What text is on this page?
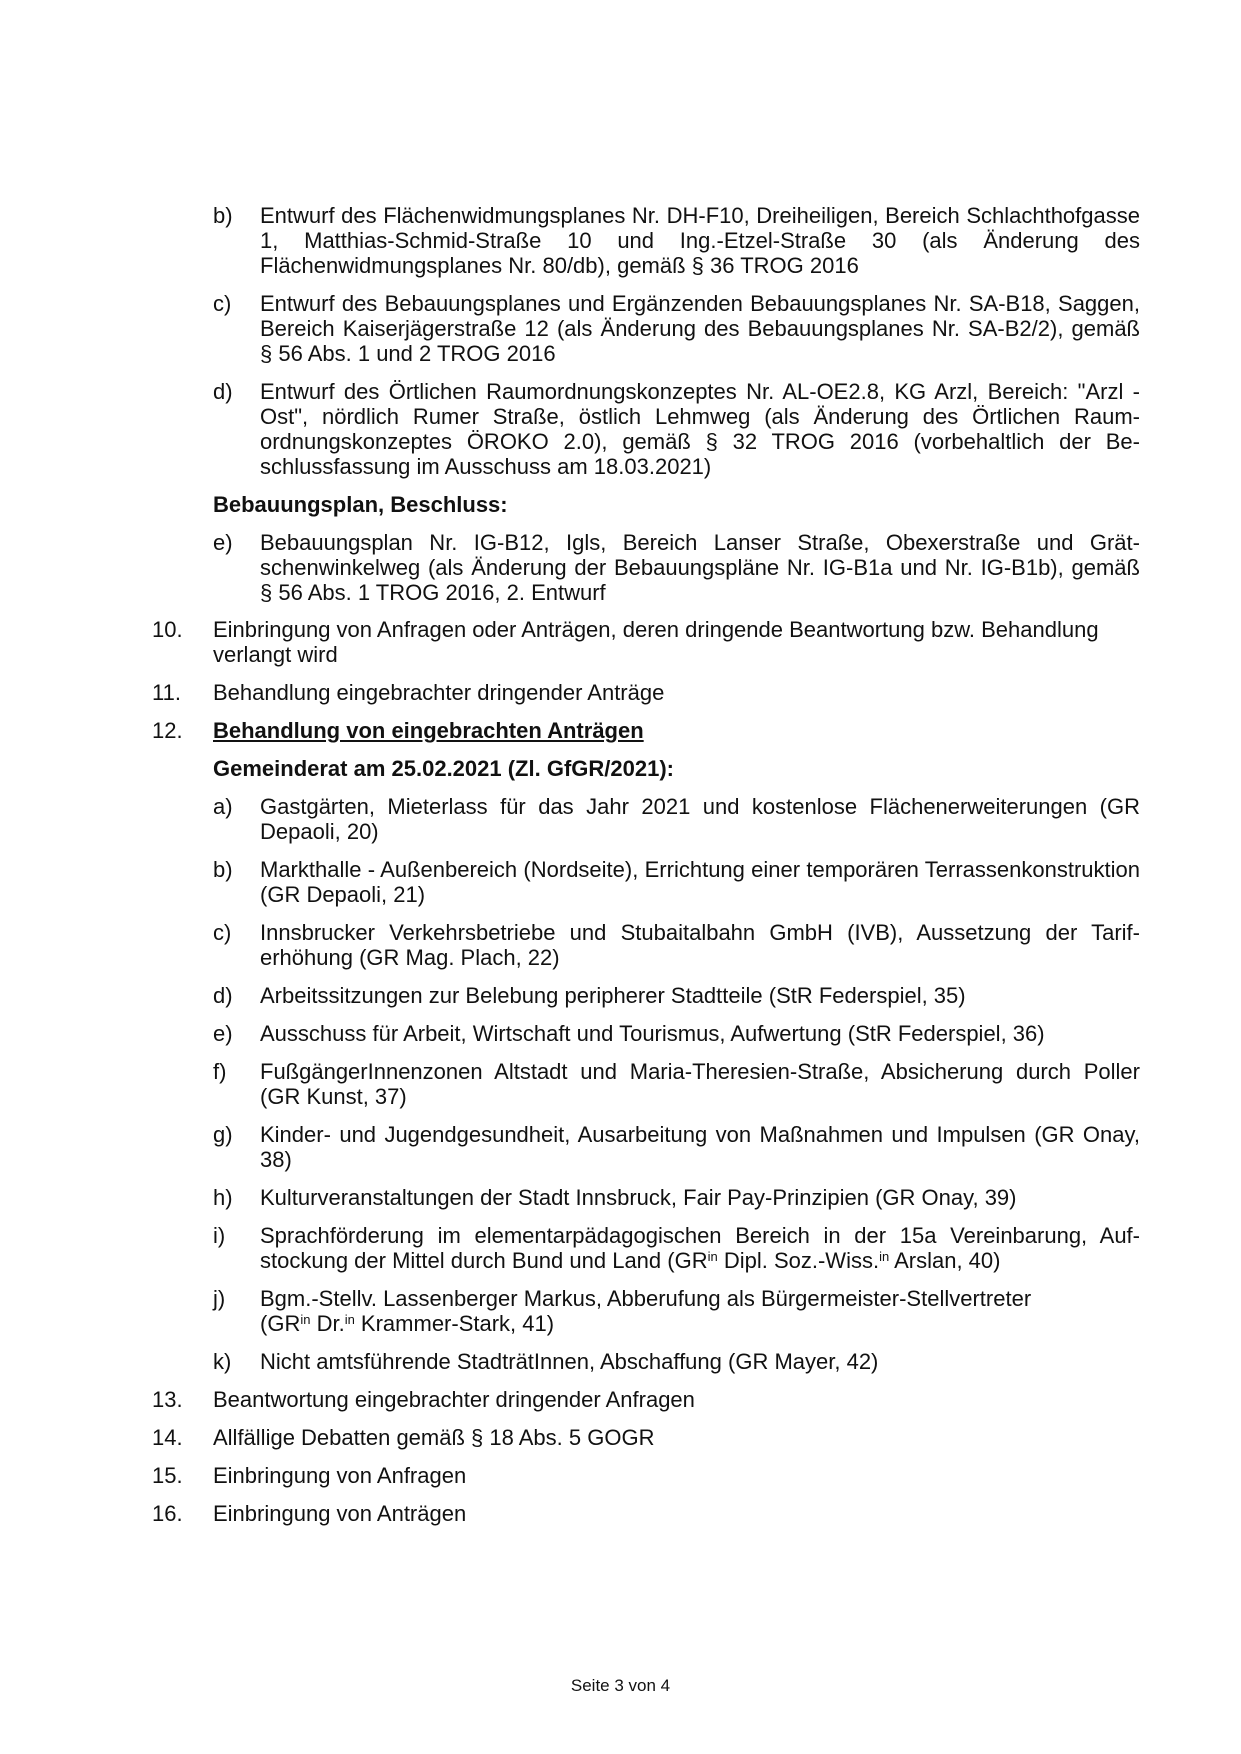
b) Entwurf des Flächenwidmungsplanes Nr. DH-F10, Dreiheiligen, Bereich Schlachthofgasse 1, Matthias-Schmid-Straße 10 und Ing.-Etzel-Straße 30 (als Änderung des Flächenwidmungsplanes Nr. 80/db), gemäß § 36 TROG 2016
c) Entwurf des Bebauungsplanes und Ergänzenden Bebauungsplanes Nr. SA-B18, Saggen, Bereich Kaiserjägerstraße 12 (als Änderung des Bebauungsplanes Nr. SA-B2/2), gemäß § 56 Abs. 1 und 2 TROG 2016
d) Entwurf des Örtlichen Raumordnungskonzeptes Nr. AL-OE2.8, KG Arzl, Bereich: "Arzl - Ost", nördlich Rumer Straße, östlich Lehmweg (als Änderung des Örtlichen Raumordnungskonzeptes ÖROKO 2.0), gemäß § 32 TROG 2016 (vorbehaltlich der Beschlussfassung im Ausschuss am 18.03.2021)
Bebauungsplan, Beschluss:
e) Bebauungsplan Nr. IG-B12, Igls, Bereich Lanser Straße, Obexerstraße und Grätschenwinkelweg (als Änderung der Bebauungspläne Nr. IG-B1a und Nr. IG-B1b), gemäß § 56 Abs. 1 TROG 2016, 2. Entwurf
10. Einbringung von Anfragen oder Anträgen, deren dringende Beantwortung bzw. Behandlung verlangt wird
11. Behandlung eingebrachter dringender Anträge
12. Behandlung von eingebrachten Anträgen
Gemeinderat am 25.02.2021 (Zl. GfGR/2021):
a) Gastgärten, Mieterlass für das Jahr 2021 und kostenlose Flächenerweiterungen (GR Depaoli, 20)
b) Markthalle - Außenbereich (Nordseite), Errichtung einer temporären Terrassenkonstruktion (GR Depaoli, 21)
c) Innsbrucker Verkehrsbetriebe und Stubaitalbahn GmbH (IVB), Aussetzung der Tariferhöhung (GR Mag. Plach, 22)
d) Arbeitssitzungen zur Belebung peripherer Stadtteile (StR Federspiel, 35)
e) Ausschuss für Arbeit, Wirtschaft und Tourismus, Aufwertung (StR Federspiel, 36)
f) FußgängerInnenzonen Altstadt und Maria-Theresien-Straße, Absicherung durch Poller (GR Kunst, 37)
g) Kinder- und Jugendgesundheit, Ausarbeitung von Maßnahmen und Impulsen (GR Onay, 38)
h) Kulturveranstaltungen der Stadt Innsbruck, Fair Pay-Prinzipien (GR Onay, 39)
i) Sprachförderung im elementarpädagogischen Bereich in der 15a Vereinbarung, Aufstockung der Mittel durch Bund und Land ($GR^{in}$ Dipl. Soz.-Wiss.$^{in}$ Arslan, 40)
j) Bgm.-Stellv. Lassenberger Markus, Abberufung als Bürgermeister-Stellvertreter ($GR^{in}$ Dr.$^{in}$ Krammer-Stark, 41)
k) Nicht amtsführende StadträtInnen, Abschaffung (GR Mayer, 42)
13. Beantwortung eingebrachter dringender Anfragen
14. Allfällige Debatten gemäß § 18 Abs. 5 GOGR
15. Einbringung von Anfragen
16. Einbringung von Anträgen
Seite 3 von 4
